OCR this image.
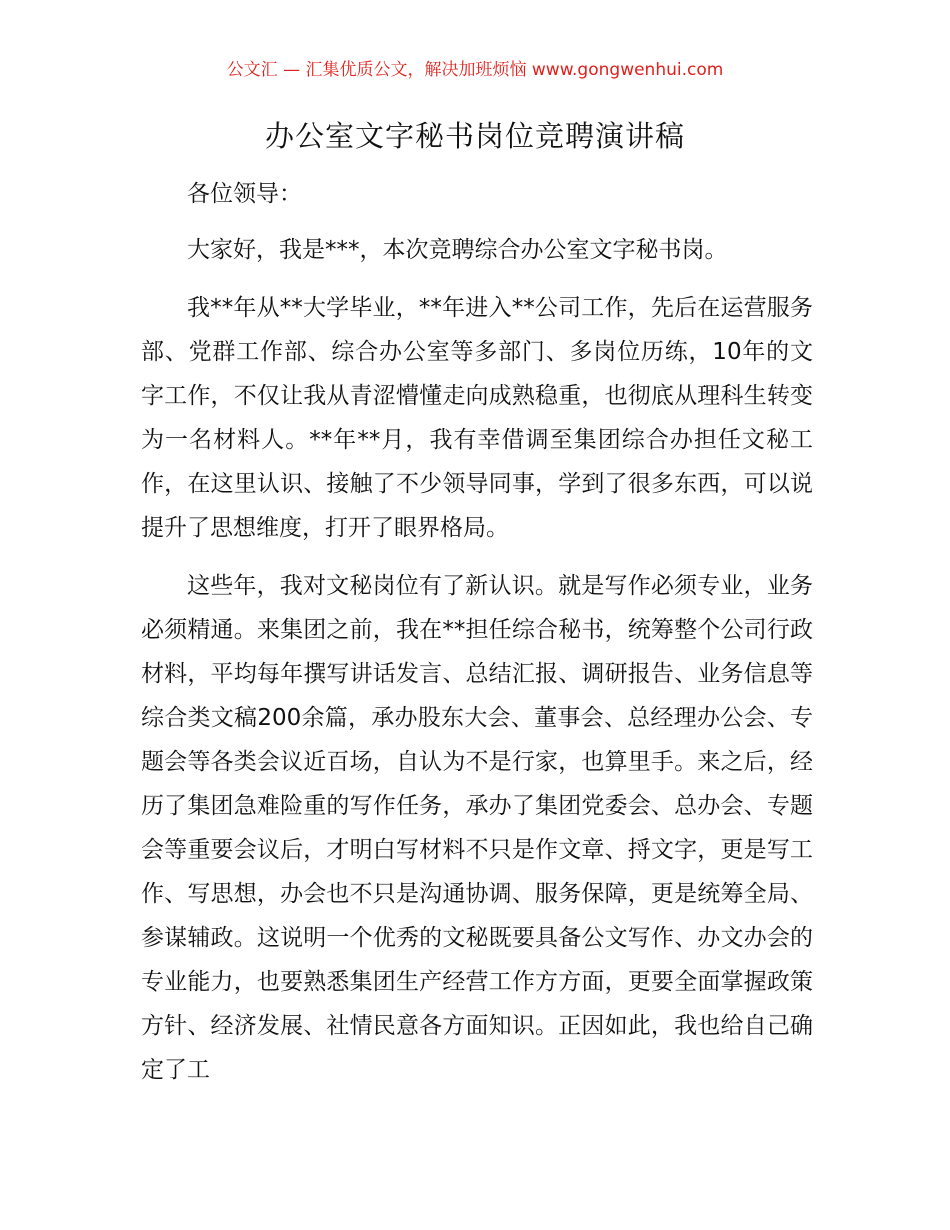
公文汇 — 汇集优质公文，解决加班烦恼 www.gongwenhui.com
办公室文字秘书岗位竞聘演讲稿

各位领导：

大家好，我是***，本次竞聘综合办公室文字秘书岗。

我**年从**大学毕业，**年进入**公司工作，先后在运营服务部、党群工作部、综合办公室等多部门、多岗位历练，10年的文字工作，不仅让我从青涩懵懂走向成熟稳重，也彻底从理科生转变为一名材料人。**年**月，我有幸借调至集团综合办担任文秘工作，在这里认识、接触了不少领导同事，学到了很多东西，可以说提升了思想维度，打开了眼界格局。

这些年，我对文秘岗位有了新认识。就是写作必须专业，业务必须精通。来集团之前，我在**担任综合秘书，统筹整个公司行政材料，平均每年撰写讲话发言、总结汇报、调研报告、业务信息等综合类文稿200余篇，承办股东大会、董事会、总经理办公会、专题会等各类会议近百场，自认为不是行家，也算里手。来之后，经历了集团急难险重的写作任务，承办了集团党委会、总办会、专题会等重要会议后，才明白写材料不只是作文章、捋文字，更是写工作、写思想，办会也不只是沟通协调、服务保障，更是统筹全局、参谋辅政。这说明一个优秀的文秘既要具备公文写作、办文办会的专业能力，也要熟悉集团生产经营工作方方面，更要全面掌握政策方针、经济发展、社情民意各方面知识。正因如此，我也给自己确定了工
